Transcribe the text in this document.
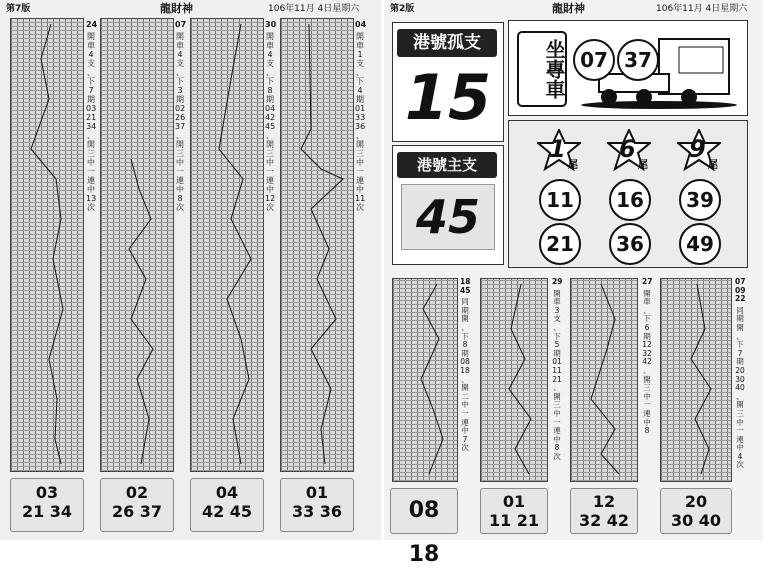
第7版	龍財神	106年11月 4日星期六
24
開
車
4
支
、
下
7
期
03
21
34
、
開
三
中
一
連
中
13
次
03
21 34
07
開
車
4
支
、
下
3
期
02
26
37
、
開
三
中
一
連
中
8
次
02
26 37
30
開
車
4
支
、
下
8
期
04
42
45
、
開
三
中
一
連
中
12
次
04
42 45
04
開
車
1
支
、
下
4
期
01
33
36
、
開
三
中
一
連
中
11
次
01
33 36
第2版	龍財神	106年11月 4日星期六
港號孤支
15
港號主支
45
坐專車 07 37
1
尾
6
尾
9
尾
11	16	39
21	36	49
18 45
同
期
開
、
下
8
期
08
18
、
開
二
中
一
連
中
7
次
08 18
29
開
車
3
支
、
下
5
期
01
11
21
、
開
三
中
一
連
中
8
次
01
11 21
27
開
車
、
下
6
期
12
32
42
、
開
三
中
一
連
中
8
12
32 42
07 09 22
同
期
開
、
下
7
期
20
30
40
、
開
三
中
一
連
中
4
次
20
30 40
